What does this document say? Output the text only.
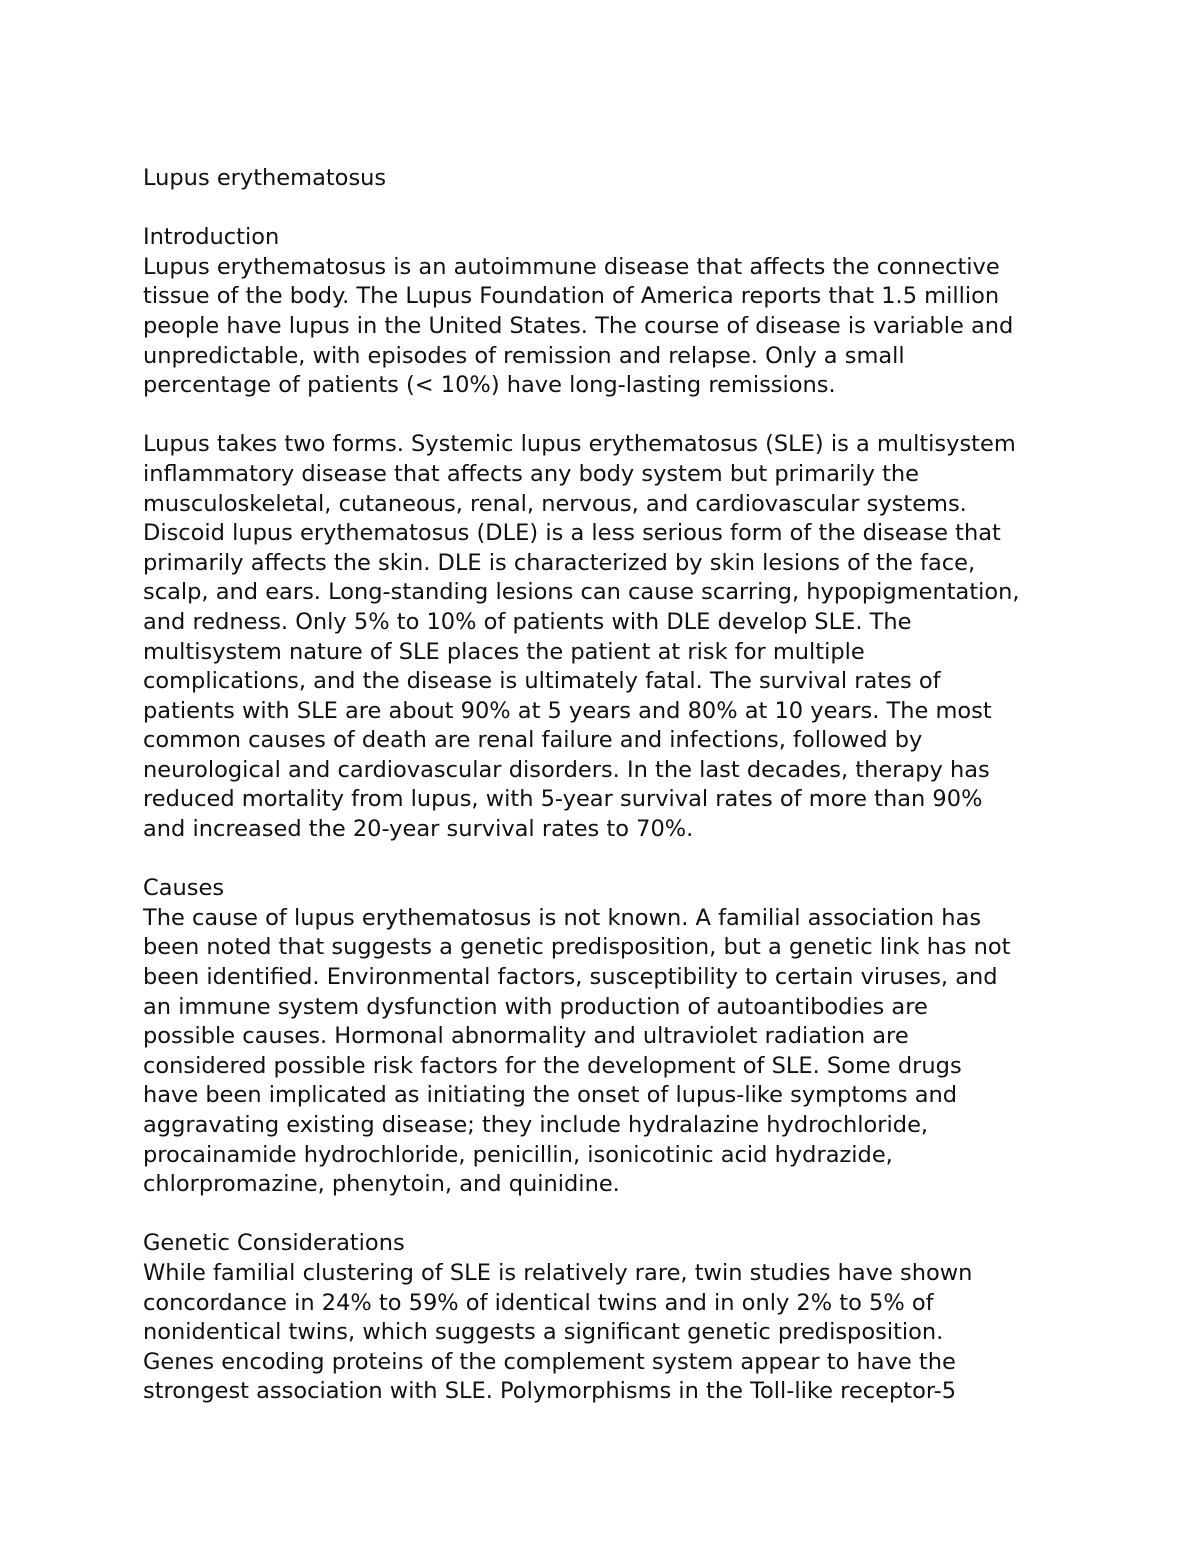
Lupus erythematosus
Introduction
Lupus erythematosus is an autoimmune disease that affects the connective
tissue of the body. The Lupus Foundation of America reports that 1.5 million
people have lupus in the United States. The course of disease is variable and
unpredictable, with episodes of remission and relapse. Only a small
percentage of patients (< 10%) have long-lasting remissions.
Lupus takes two forms. Systemic lupus erythematosus (SLE) is a multisystem
inflammatory disease that affects any body system but primarily the
musculoskeletal, cutaneous, renal, nervous, and cardiovascular systems.
Discoid lupus erythematosus (DLE) is a less serious form of the disease that
primarily affects the skin. DLE is characterized by skin lesions of the face,
scalp, and ears. Long-standing lesions can cause scarring, hypopigmentation,
and redness. Only 5% to 10% of patients with DLE develop SLE. The
multisystem nature of SLE places the patient at risk for multiple
complications, and the disease is ultimately fatal. The survival rates of
patients with SLE are about 90% at 5 years and 80% at 10 years. The most
common causes of death are renal failure and infections, followed by
neurological and cardiovascular disorders. In the last decades, therapy has
reduced mortality from lupus, with 5-year survival rates of more than 90%
and increased the 20-year survival rates to 70%.
Causes
The cause of lupus erythematosus is not known. A familial association has
been noted that suggests a genetic predisposition, but a genetic link has not
been identified. Environmental factors, susceptibility to certain viruses, and
an immune system dysfunction with production of autoantibodies are
possible causes. Hormonal abnormality and ultraviolet radiation are
considered possible risk factors for the development of SLE. Some drugs
have been implicated as initiating the onset of lupus-like symptoms and
aggravating existing disease; they include hydralazine hydrochloride,
procainamide hydrochloride, penicillin, isonicotinic acid hydrazide,
chlorpromazine, phenytoin, and quinidine.
Genetic Considerations
While familial clustering of SLE is relatively rare, twin studies have shown
concordance in 24% to 59% of identical twins and in only 2% to 5% of
nonidentical twins, which suggests a significant genetic predisposition.
Genes encoding proteins of the complement system appear to have the
strongest association with SLE. Polymorphisms in the Toll-like receptor-5
